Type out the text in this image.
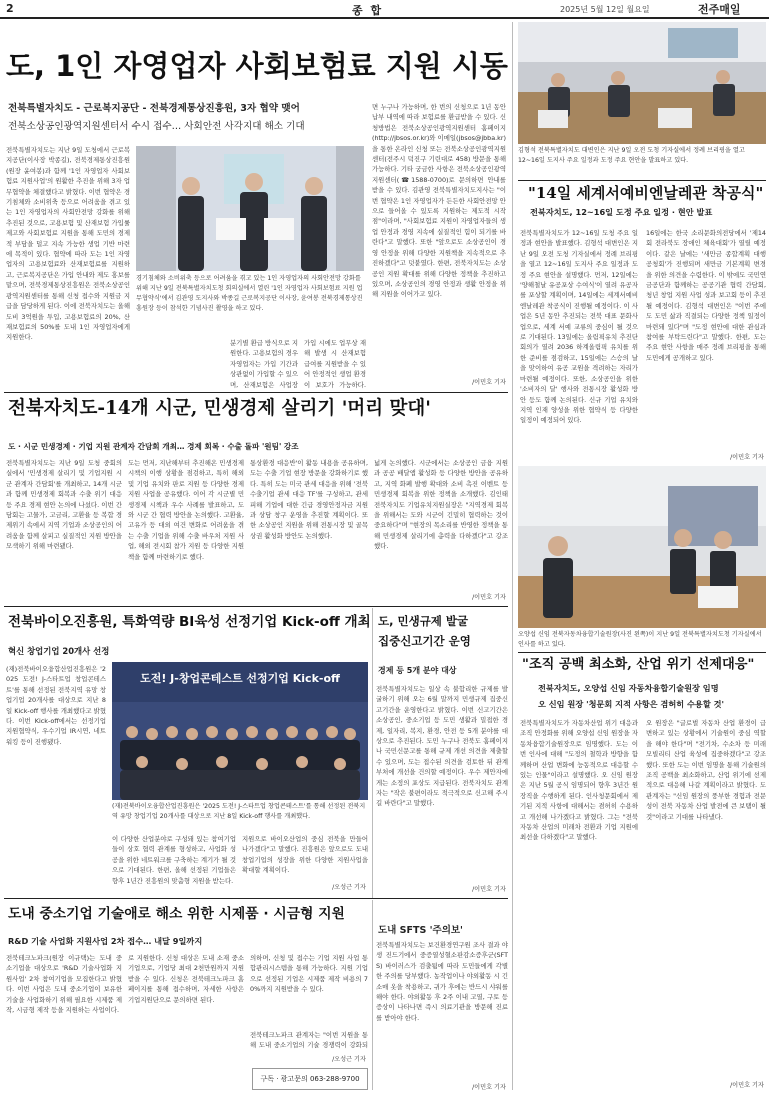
2	종 합	2025년 5월 12일 월요일	전주매일
도, 1인 자영업자 사회보험료 지원 시동
전북특별자치도 - 근로복지공단 - 전북경제통상진흥원, 3자 협약 맺어
전북소상공인광역지원센터서 수시 접수… 사회안전 사각지대 해소 기대
전북특별자치도는 지난 9일 도청에서 근로복지공단(이사장 박종길), 전북경제통상진흥원(원장 윤여봉)과 함께 '1인 자영업자 사회보험료 지원사업'의 원활한 추진을 위해 3자 업무협약을 체결했다고 밝혔다. 이번 협약은 경기침체와 소비위축 등으로 어려움을 겪고 있는 1인 자영업자의 사회안전망 강화를 위해 추진된 것으로, 고용보험 및 산재보험 가입률 제고와 사회보험료 지원을 통해 도민의 경제적 부담을 덜고 지속 가능한 생업 기반 마련에 목적이 있다. 협약에 따라 도는 1인 자영업자의 고용보험료와 산재보험료를 지원하고, 근로복지공단은 가입 안내와 제도 홍보를 맡으며, 전북경제통상진흥원은 전북소상공인광역지원센터를 통해 신청 접수와 지원금 지급을 담당하게 된다. 이에 전북자치도는 올해 도비 3억원을 투입, 고용보험료의 20%, 산재보험료의 50%를 도내 1인 자영업자에게 지원한다.
경기침체와 소비위축 등으로 어려움을 겪고 있는 1인 자영업자의 사회안전망 강화를 위해 지난 9일 전북특별자치도청 회의실에서 열린 '1인 자영업자 사회보험료 지원 업무협약식'에서 김관영 도지사와 박종길 근로복지공단 이사장, 윤여봉 전북경제통상진흥원장 등이 참석한 기념사진 촬영을 하고 있다.
분기별 환급 방식으로 지원한다. 고용보험의 경우 자영업자는 가입 기간과 상관없이 가입할 수 있으며, 산재보험은 사업장
가입 시에도 업무상 재해 발생 시 산재보험 급여를 지원받을 수 있어 안정적인 생업 환경이 보호가 가능하다.
면 누구나 가능하며, 한 번의 신청으로 1년 동안 납부 내역에 따라 보험료를 환급받을 수 있다. 신청방법은 전북소상공인광역지원센터 홈페이지(http://jbsos.or.kr)와 이메일(jbsos@jbba.kr)을 통한 온라인 신청 또는 전북소상공인광역지원센터(전주시 덕진구 기린대로 458) 방문을 통해 가능하다. 기타 궁금한 사항은 전북소상공인광역지원센터(☎1588-0700)로 문의하면 안내를 받을 수 있다. 김관영 전북특별자치도지사는 "이번 협약은 1인 자영업자가 든든한 사회안전망 안으로 들어올 수 있도록 지원하는 제도적 시작점"이라며, "사회보험료 지원이 자영업자들의 생업 안정과 경영 지속에 실질적인 힘이 되기를 바란다"고 말했다. 또한 "앞으로도 소상공인이 경영 안정을 위해 다양한 지원책을 지속적으로 추진하겠다"고 덧붙였다. 한편, 전북자치도는 소상공인 지원 확대를 위해 다양한 정책을 추진하고 있으며, 소상공인의 경영 안정과 생활 안정을 위해 지원을 이어가고 있다.
/이민호 기자
김형석 전북특별자치도 대변인은 지난 9일 오전 도청 기자실에서 정례 브리핑을 열고 12~16일 도지사 주요 일정과 도정 주요 현안을 발표하고 있다.
"14일 세계서예비엔날레관 착공식"
전북자치도, 12~16일 도정 주요 일정 · 현안 발표
전북특별자치도가 12~16일 도청 주요 일정과 현안을 발표했다. 김형석 대변인은 지난 9일 오전 도청 기자실에서 정례 브리핑을 열고 12~16일 도지사 주요 일정과 도정 주요 현안을 설명했다. 먼저, 12일에는 '양해철날 유공포상 수여식'이 열려 유공자를 포상할 계획이며, 14일에는 세계서예비엔날레관 착공식이 진행될 예정이다. 이 사업은 5년 동안 추진되는 전북 대표 문화사업으로, 세계 서예 교류의 중심이 될 것으로 기대된다. 13일에는 올림픽유치 추진단 회의가 열려 2036 하계올림픽 유치를 위한 준비를 점검하고, 15일에는 스승의 날을 맞이하여 유공 교원을 격려하는 자리가 마련될 예정이다. 또한, 소상공인을 위한 '소비자의 달' 행사와 전통시장 활성화 방안 등도 함께 논의된다. 신규 기업 유치와 지역 인재 양성을 위한 협약식 등 다양한 일정이 예정되어 있다.
16일에는 한국 소리문화의전당에서 '제14회 전라북도 장애인 체육대회'가 열릴 예정이다. 같은 날에는 '새만금 종합계획 대행 공청회'가 진행되며 새만금 기본계획 변경을 위한 의견을 수렴한다. 이 밖에도 국민연금공단과 함께하는 공공기관 협력 간담회, 청년 창업 지원 사업 성과 보고회 등이 추진될 예정이다. 김형석 대변인은 "이번 주에도 도민 삶과 직결되는 다양한 정책 일정이 마련돼 있다"며 "도정 현안에 대한 관심과 참여를 부탁드린다"고 말했다. 한편, 도는 주요 현안 사항을 매주 정례 브리핑을 통해 도민에게 공개하고 있다.
/이민호 기자
전북자치도-14개 시군, 민생경제 살리기 '머리 맞대'
도 · 시군 민생경제 · 기업 지원 관계자 간담회 개최… 경제 회복 · 수출 돌파 '원팀' 강조
전북특별자치도는 지난 9일 도청 중회의실에서 '민생경제 살리기 및 기업지원 시군 관계자 간담회'를 개최하고, 14개 시군과 함께 민생경제 회복과 수출 위기 대응 등 주요 경제 현안 논의에 나섰다. 이번 간담회는 고물가, 고금리, 고환율 등 복합 경제위기 속에서 지역 기업과 소상공인의 어려움을 함께 살피고 실질적인 지원 방안을 모색하기 위해 마련됐다.
도는 먼저, 지난해부터 추진해온 민생경제 시책의 이행 상황을 점검하고, 특히 해외 및 기업 유치와 판로 지원 등 다양한 경제 지원 사업을 공유했다. 이어 각 시군별 민생경제 시책과 우수 사례를 발표하고, 도와 시군 간 협력 방안을 논의했다. 고환율, 고유가 등 대외 여건 변화로 어려움을 겪는 수출 기업을 위해 수출 바우처 지원 사업, 해외 전시회 참가 지원 등 다양한 지원책을 함께 마련하기로 했다.
통상환경 대응반'이 활동 내용을 공유하며, 도는 수출 기업 현장 방문을 강화하기로 했다. 특히 도는 미국 관세 대응을 위해 '전북 수출기업 관세 대응 TF'를 구성하고, 관세 피해 기업에 대한 긴급 경영안정자금 지원과 상담 창구 운영을 추진할 계획이다. 또한 소상공인 지원을 위해 전통시장 및 골목상권 활성화 방안도 논의했다.
넓게 논의했다. 시군에서는 소상공인 금융 지원과 공공 배달앱 활성화 등 다양한 방안을 공유하고, 지역 화폐 발행 확대와 소비 촉진 이벤트 등 민생경제 회복을 위한 정책을 소개했다. 김인태 전북자치도 기업유치지원실장은 "지역경제 회복을 위해서는 도와 시군이 긴밀히 협력하는 것이 중요하다"며 "현장의 목소리를 반영한 정책을 통해 민생경제 살리기에 총력을 다하겠다"고 강조했다.
/이민호 기자
오양섭 신임 전북자동차융합기술원장(사진 왼쪽)이 지난 9일 전북특별자치도청 기자실에서 인사를 하고 있다.
전북바이오진흥원, 특화역량 BI육성 선정기업 Kick-off 개최
혁신 창업기업 20개사 선정
(재)전북바이오융합산업진흥원은 '2025 도전! J-스타트업 창업콘테스트'를 통해 선정된 전북지역 유망 창업기업 20개사를 대상으로 지난 8일 Kick-off 행사를 개최했다고 밝혔다. 이번 Kick-off에서는 선정기업 지원협약식, 우수기업 IR시연, 네트워킹 등이 진행됐다.
도전! J-창업콘테스트 선정기업 Kick-off
(재)전북바이오융합산업진흥원은 '2025 도전! J-스타트업 창업콘테스트'를 통해 선정된 전북지역 유망 창업기업 20개사를 대상으로 지난 8일 Kick-off 행사를 개최했다.
이 다양한 산업분야로 구성돼 있는 참여기업들이 상호 협력 관계를 형성하고, 사업화 성공을 위한 네트워크를 구축하는 계기가 될 것으로 기대된다. 한편, 올해 선정된 기업들은 향후 1년간 진흥원의 맞춤형 지원을 받는다.
지원으로 바이오산업의 중심 전북을 만들어 나가겠다"고 말했다. 진흥원은 앞으로도 도내 창업기업의 성장을 위한 다양한 지원사업을 확대할 계획이다.
/오성근 기자
도, 민생규제 발굴
집중신고기간 운영
경제 등 5개 분야 대상
전북특별자치도는 일상 속 불합리한 규제를 발굴하기 위해 오는 6월 말까지 민생규제 집중신고기간을 운영한다고 밝혔다. 이번 신고기간은 소상공인, 중소기업 등 도민 생활과 밀접한 경제, 일자리, 복지, 환경, 안전 등 5개 분야를 대상으로 추진된다. 도민 누구나 전북도 홈페이지나 국민신문고를 통해 규제 개선 의견을 제출할 수 있으며, 도는 접수된 의견을 검토한 뒤 관계 부처에 개선을 건의할 예정이다. 우수 제안자에게는 소정의 포상도 지급된다. 전북자치도 관계자는 "작은 불편이라도 적극적으로 신고해 주시길 바란다"고 말했다.
/이민호 기자
"조직 공백 최소화, 산업 위기 선제대응"
전북자치도, 오양섭 신임 자동차융합기술원장 임명
오 신임 원장 '청문회 지적 사항은 겸허히 수용할 것'
전북특별자치도가 자동차산업 위기 대응과 조직 안정화를 위해 오양섭 신임 원장을 자동차융합기술원장으로 임명했다. 도는 이번 인사에 대해 "도정의 철학과 방향을 함께하며 산업 변화에 능동적으로 대응할 수 있는 인물"이라고 설명했다. 오 신임 원장은 지난 5월 공식 임명되어 향후 3년간 원장직을 수행하게 된다. 인사청문회에서 제기된 지적 사항에 대해서는 겸허히 수용하고 개선해 나가겠다고 밝혔다. 그는 "전북 자동차 산업의 미래차 전환과 기업 지원에 최선을 다하겠다"고 말했다.
오 원장은 "글로벌 자동차 산업 환경이 급변하고 있는 상황에서 기술원이 중심 역할을 해야 한다"며 "전기차, 수소차 등 미래 모빌리티 산업 육성에 집중하겠다"고 강조했다. 또한 도는 이번 임명을 통해 기술원의 조직 공백을 최소화하고, 산업 위기에 선제적으로 대응해 나갈 계획이라고 밝혔다. 도 관계자는 "신임 원장의 풍부한 경험과 전문성이 전북 자동차 산업 발전에 큰 보탬이 될 것"이라고 기대를 나타냈다.
/이민호 기자
도내 중소기업 기술애로 해소 위한 시제품 · 시금형 지원
R&D 기술 사업화 지원사업 2차 접수… 내달 9일까지
전북테크노파크(원장 이규택)는 도내 중소기업을 대상으로 'R&D 기술사업화 지원사업' 2차 참여기업을 모집한다고 밝혔다. 이번 사업은 도내 중소기업이 보유한 기술을 사업화하기 위해 필요한 시제품 제작, 시금형 제작 등을 지원하는 사업이다.
로 지원한다. 신청 대상은 도내 소재 중소기업으로, 기업당 최대 2천만원까지 지원받을 수 있다. 신청은 전북테크노파크 홈페이지를 통해 접수하며, 자세한 사항은 기업지원단으로 문의하면 된다.
의하며, 신청 및 접수는 기업 지원 사업 통합관리시스템을 통해 가능하다. 지원 기업으로 선정된 기업은 시제품 제작 비용의 70%까지 지원받을 수 있다.
전북테크노파크 관계자는 "이번 지원을 통해 도내 중소기업의 기술 경쟁력이 강화되
/오성근 기자
구독 · 광고문의 063-288-9700
도내 SFTS '주의보'
전북특별자치도는 보건환경연구원 조사 결과 야생 진드기에서 중증열성혈소판감소증후군(SFTS) 바이러스가 검출됨에 따라 도민들에게 각별한 주의를 당부했다. 농작업이나 야외활동 시 긴 소매 옷을 착용하고, 귀가 후에는 반드시 샤워를 해야 한다. 야외활동 후 2주 이내 고열, 구토 등 증상이 나타나면 즉시 의료기관을 방문해 진료를 받아야 한다.
/이민호 기자
